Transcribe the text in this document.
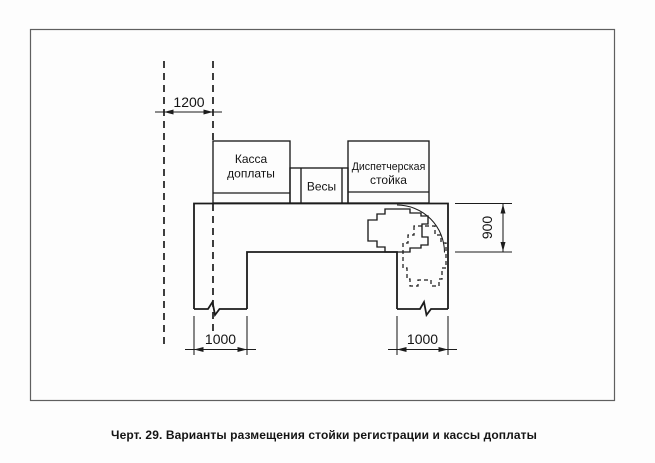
1200
Касса
доплаты
Весы
Диспетчерская
стойка
900
1000	1000
Черт. 29. Варианты размещения стойки регистрации и кассы доплаты
